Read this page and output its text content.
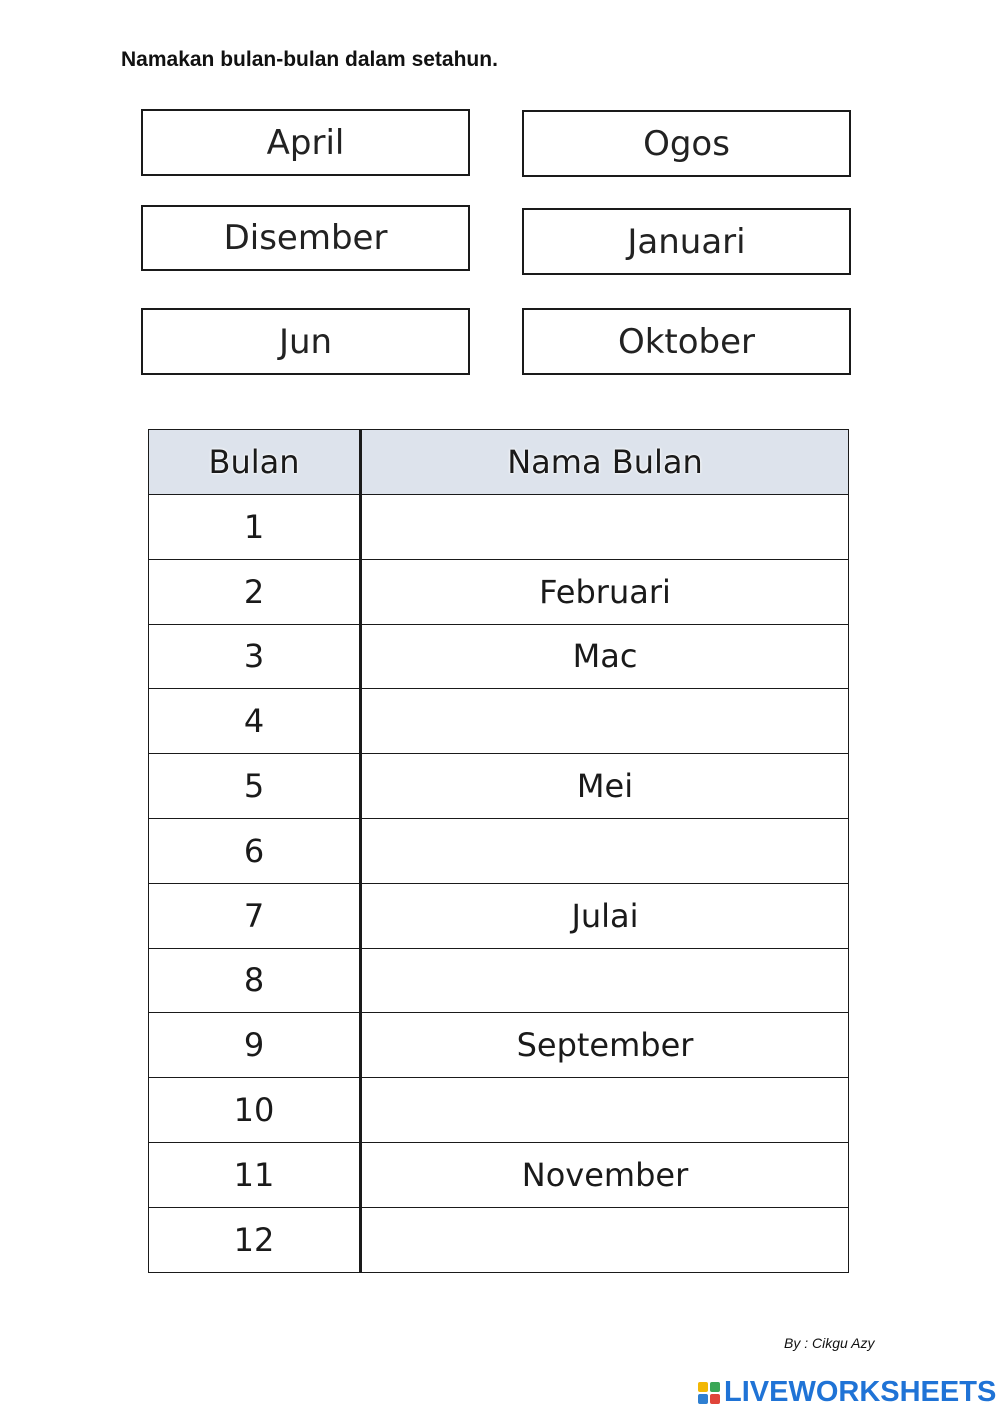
Namakan bulan-bulan dalam setahun.
April	Ogos
Disember	Januari
Jun	Oktober
Bulan	Nama Bulan
1	
2	Februari
3	Mac
4	
5	Mei
6	
7	Julai
8	
9	September
10	
11	November
12	
By : Cikgu Azy
LIVEWORKSHEETS
